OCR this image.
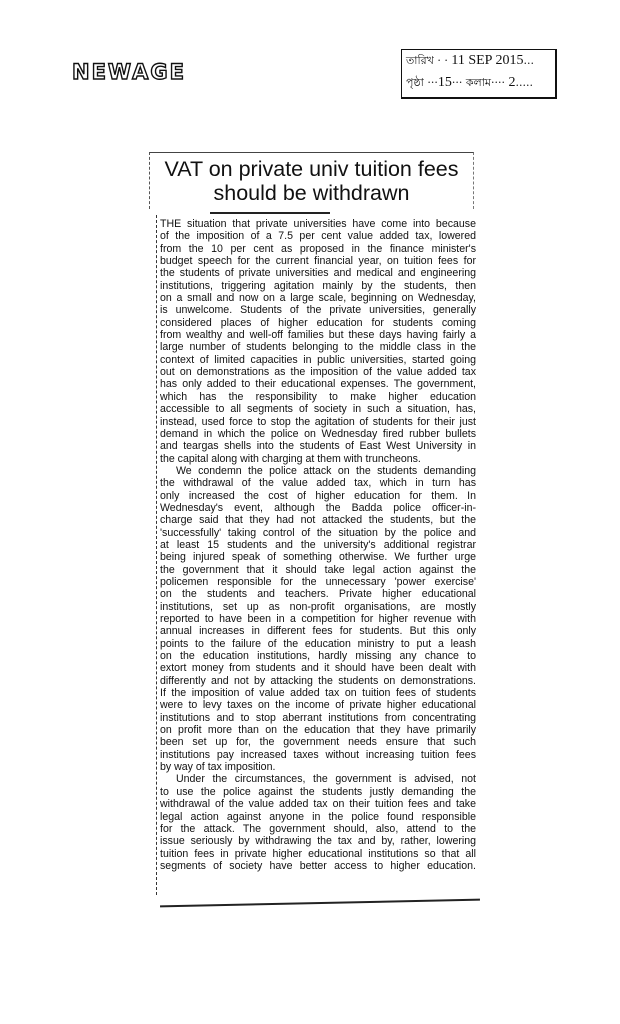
NEWAGE	তারিখ · · 11 SEP 2015...
পৃষ্ঠা ···15··· কলাম···· 2.....
VAT on private univ tuition fees
should be withdrawn
THE situation that private universities have come into because
of the imposition of a 7.5 per cent value added tax, lowered
from the 10 per cent as proposed in the finance minister's
budget speech for the current financial year, on tuition fees for
the students of private universities and medical and engineering
institutions, triggering agitation mainly by the students, then
on a small and now on a large scale, beginning on Wednesday,
is unwelcome. Students of the private universities, generally
considered places of higher education for students coming
from wealthy and well-off families but these days having fairly a
large number of students belonging to the middle class in the
context of limited capacities in public universities, started going
out on demonstrations as the imposition of the value added tax
has only added to their educational expenses. The government,
which has the responsibility to make higher education
accessible to all segments of society in such a situation, has,
instead, used force to stop the agitation of students for their just
demand in which the police on Wednesday fired rubber bullets
and teargas shells into the students of East West University in
the capital along with charging at them with truncheons.
We condemn the police attack on the students demanding
the withdrawal of the value added tax, which in turn has
only increased the cost of higher education for them. In
Wednesday's event, although the Badda police officer-in-
charge said that they had not attacked the students, but the
'successfully' taking control of the situation by the police and
at least 15 students and the university's additional registrar
being injured speak of something otherwise. We further urge
the government that it should take legal action against the
policemen responsible for the unnecessary 'power exercise'
on the students and teachers. Private higher educational
institutions, set up as non-profit organisations, are mostly
reported to have been in a competition for higher revenue with
annual increases in different fees for students. But this only
points to the failure of the education ministry to put a leash
on the education institutions, hardly missing any chance to
extort money from students and it should have been dealt with
differently and not by attacking the students on demonstrations.
If the imposition of value added tax on tuition fees of students
were to levy taxes on the income of private higher educational
institutions and to stop aberrant institutions from concentrating
on profit more than on the education that they have primarily
been set up for, the government needs ensure that such
institutions pay increased taxes without increasing tuition fees
by way of tax imposition.
Under the circumstances, the government is advised, not
to use the police against the students justly demanding the
withdrawal of the value added tax on their tuition fees and take
legal action against anyone in the police found responsible
for the attack. The government should, also, attend to the
issue seriously by withdrawing the tax and by, rather, lowering
tuition fees in private higher educational institutions so that all
segments of society have better access to higher education.
